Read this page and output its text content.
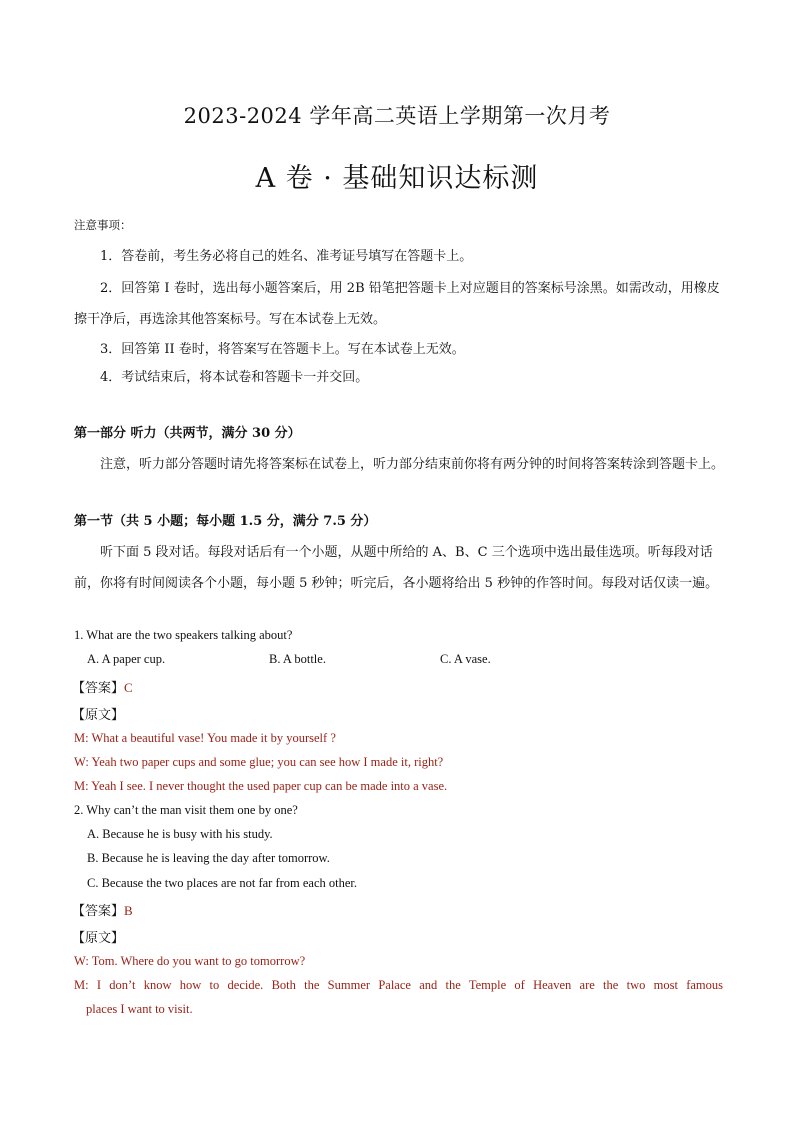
2023-2024 学年高二英语上学期第一次月考
A 卷 · 基础知识达标测
注意事项：
1．答卷前，考生务必将自己的姓名、准考证号填写在答题卡上。
2．回答第 I 卷时，选出每小题答案后，用 2B 铅笔把答题卡上对应题目的答案标号涂黑。如需改动，用橡皮擦干净后，再选涂其他答案标号。写在本试卷上无效。
3．回答第 II 卷时，将答案写在答题卡上。写在本试卷上无效。
4．考试结束后，将本试卷和答题卡一并交回。
第一部分 听力（共两节，满分 30 分）
注意，听力部分答题时请先将答案标在试卷上，听力部分结束前你将有两分钟的时间将答案转涂到答题卡上。
第一节（共 5 小题；每小题 1.5 分，满分 7.5 分）
听下面 5 段对话。每段对话后有一个小题，从题中所给的 A、B、C 三个选项中选出最佳选项。听每段对话前，你将有时间阅读各个小题，每小题 5 秒钟；听完后，各小题将给出 5 秒钟的作答时间。每段对话仅读一遍。
1. What are the two speakers talking about?
A. A paper cup.	B. A bottle.	C. A vase.
【答案】C
【原文】
M: What a beautiful vase! You made it by yourself ?
W: Yeah two paper cups and some glue; you can see how I made it, right?
M: Yeah I see. I never thought the used paper cup can be made into a vase.
2. Why can’t the man visit them one by one?
A. Because he is busy with his study.
B. Because he is leaving the day after tomorrow.
C. Because the two places are not far from each other.
【答案】B
【原文】
W: Tom. Where do you want to go tomorrow?
M: I don’t know how to decide. Both the Summer Palace and the Temple of Heaven are the two most famous
places I want to visit.
